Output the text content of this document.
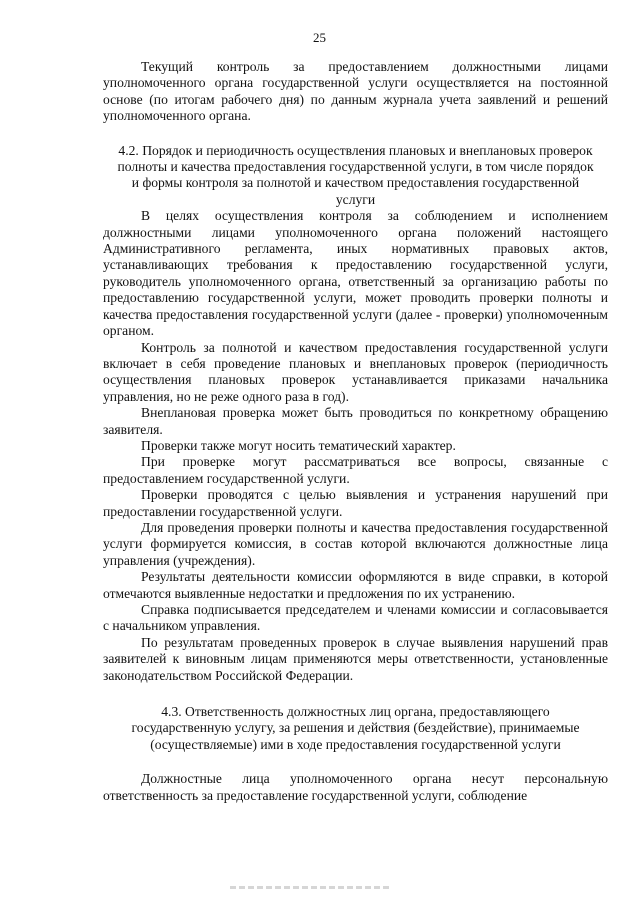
25

Текущий контроль за предоставлением должностными лицами уполномоченного органа государственной услуги осуществляется на постоянной основе (по итогам рабочего дня) по данным журнала учета заявлений и решений уполномоченного органа.

4.2. Порядок и периодичность осуществления плановых и внеплановых проверок полноты и качества предоставления государственной услуги, в том числе порядок и формы контроля за полнотой и качеством предоставления государственной услуги

В целях осуществления контроля за соблюдением и исполнением должностными лицами уполномоченного органа положений настоящего Административного регламента, иных нормативных правовых актов, устанавливающих требования к предоставлению государственной услуги, руководитель уполномоченного органа, ответственный за организацию работы по предоставлению государственной услуги, может проводить проверки полноты и качества предоставления государственной услуги (далее - проверки) уполномоченным органом.

Контроль за полнотой и качеством предоставления государственной услуги включает в себя проведение плановых и внеплановых проверок (периодичность осуществления плановых проверок устанавливается приказами начальника управления, но не реже одного раза в год).

Внеплановая проверка может быть проводиться по конкретному обращению заявителя.

Проверки также могут носить тематический характер.

При проверке могут рассматриваться все вопросы, связанные с предоставлением государственной услуги.

Проверки проводятся с целью выявления и устранения нарушений при предоставлении государственной услуги.

Для проведения проверки полноты и качества предоставления государственной услуги формируется комиссия, в состав которой включаются должностные лица управления (учреждения).

Результаты деятельности комиссии оформляются в виде справки, в которой отмечаются выявленные недостатки и предложения по их устранению.

Справка подписывается председателем и членами комиссии и согласовывается с начальником управления.

По результатам проведенных проверок в случае выявления нарушений прав заявителей к виновным лицам применяются меры ответственности, установленные законодательством Российской Федерации.

4.3. Ответственность должностных лиц органа, предоставляющего государственную услугу, за решения и действия (бездействие), принимаемые (осуществляемые) ими в ходе предоставления государственной услуги

Должностные лица уполномоченного органа несут персональную ответственность за предоставление государственной услуги, соблюдение
